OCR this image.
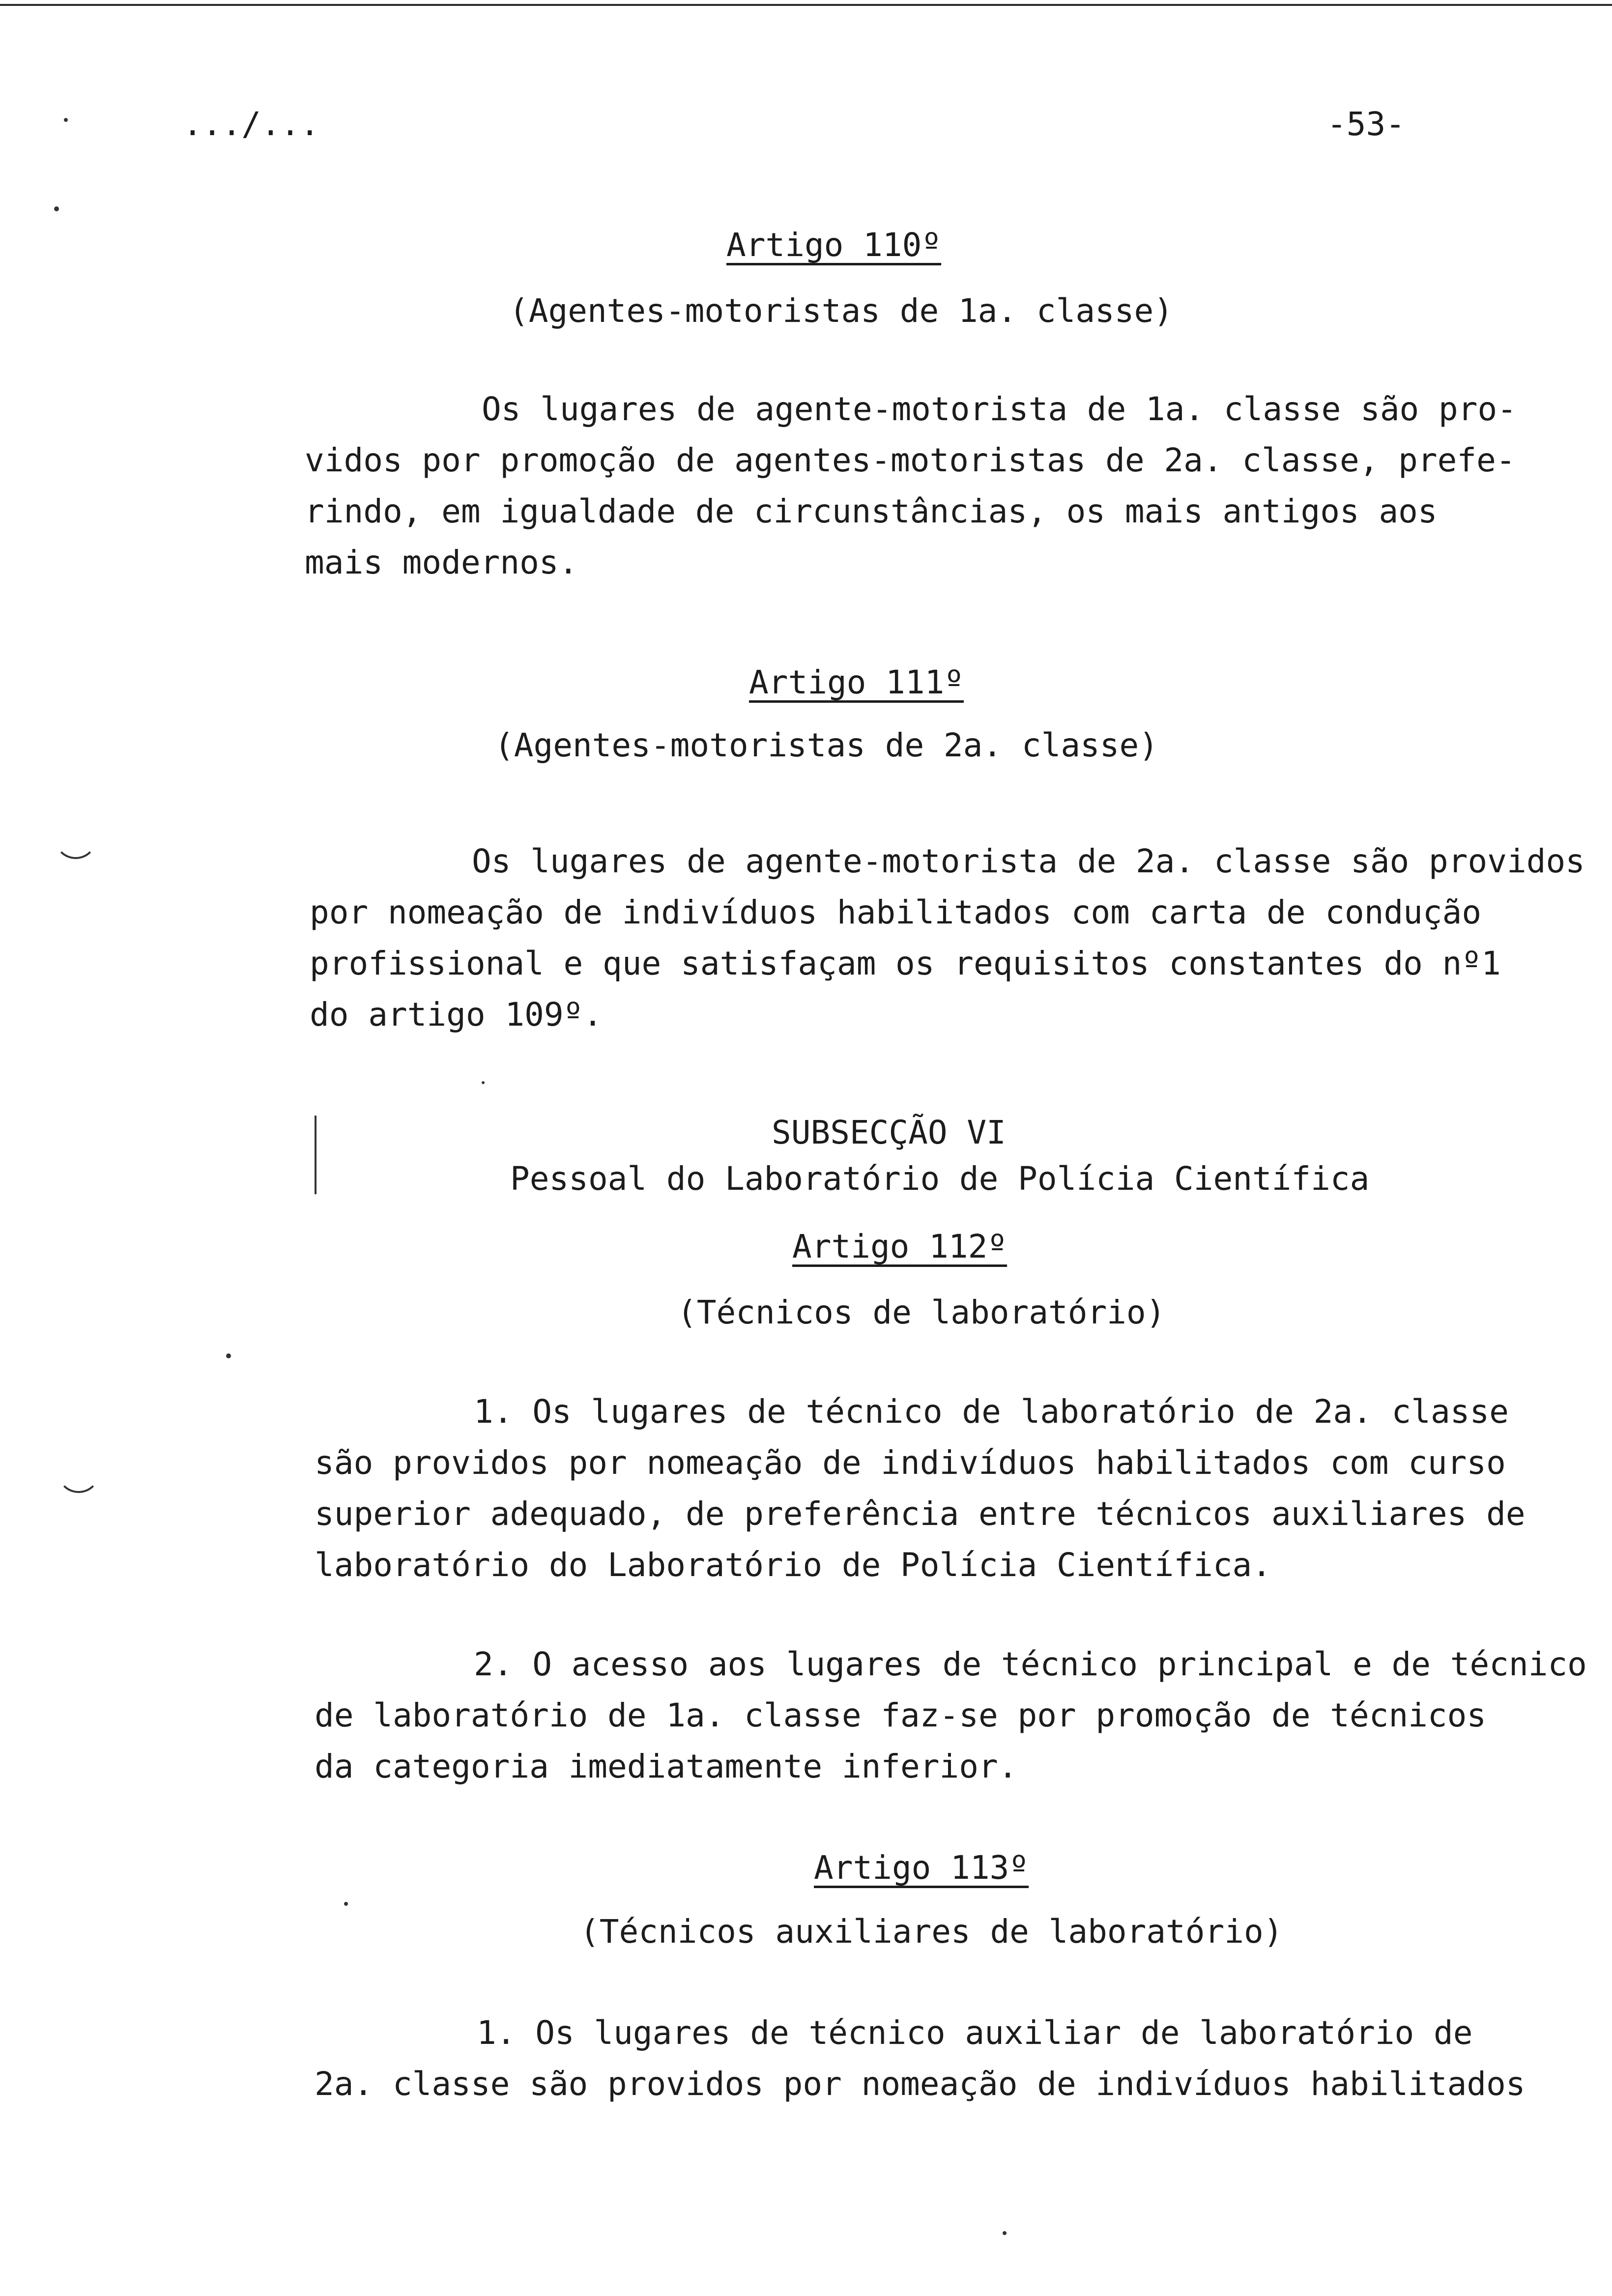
.../...	-53-
Artigo 110º
(Agentes-motoristas de 1a. classe)
Os lugares de agente-motorista de 1a. classe são pro-
vidos por promoção de agentes-motoristas de 2a. classe, prefe-
rindo, em igualdade de circunstâncias, os mais antigos aos
mais modernos.
Artigo 111º
(Agentes-motoristas de 2a. classe)
Os lugares de agente-motorista de 2a. classe são providos
por nomeação de indivíduos habilitados com carta de condução
profissional e que satisfaçam os requisitos constantes do nº1
do artigo 109º.
SUBSECÇÃO VI
Pessoal do Laboratório de Polícia Científica
Artigo 112º
(Técnicos de laboratório)
1. Os lugares de técnico de laboratório de 2a. classe
são providos por nomeação de indivíduos habilitados com curso
superior adequado, de preferência entre técnicos auxiliares de
laboratório do Laboratório de Polícia Científica.
2. O acesso aos lugares de técnico principal e de técnico
de laboratório de 1a. classe faz-se por promoção de técnicos
da categoria imediatamente inferior.
Artigo 113º
(Técnicos auxiliares de laboratório)
1. Os lugares de técnico auxiliar de laboratório de
2a. classe são providos por nomeação de indivíduos habilitados
